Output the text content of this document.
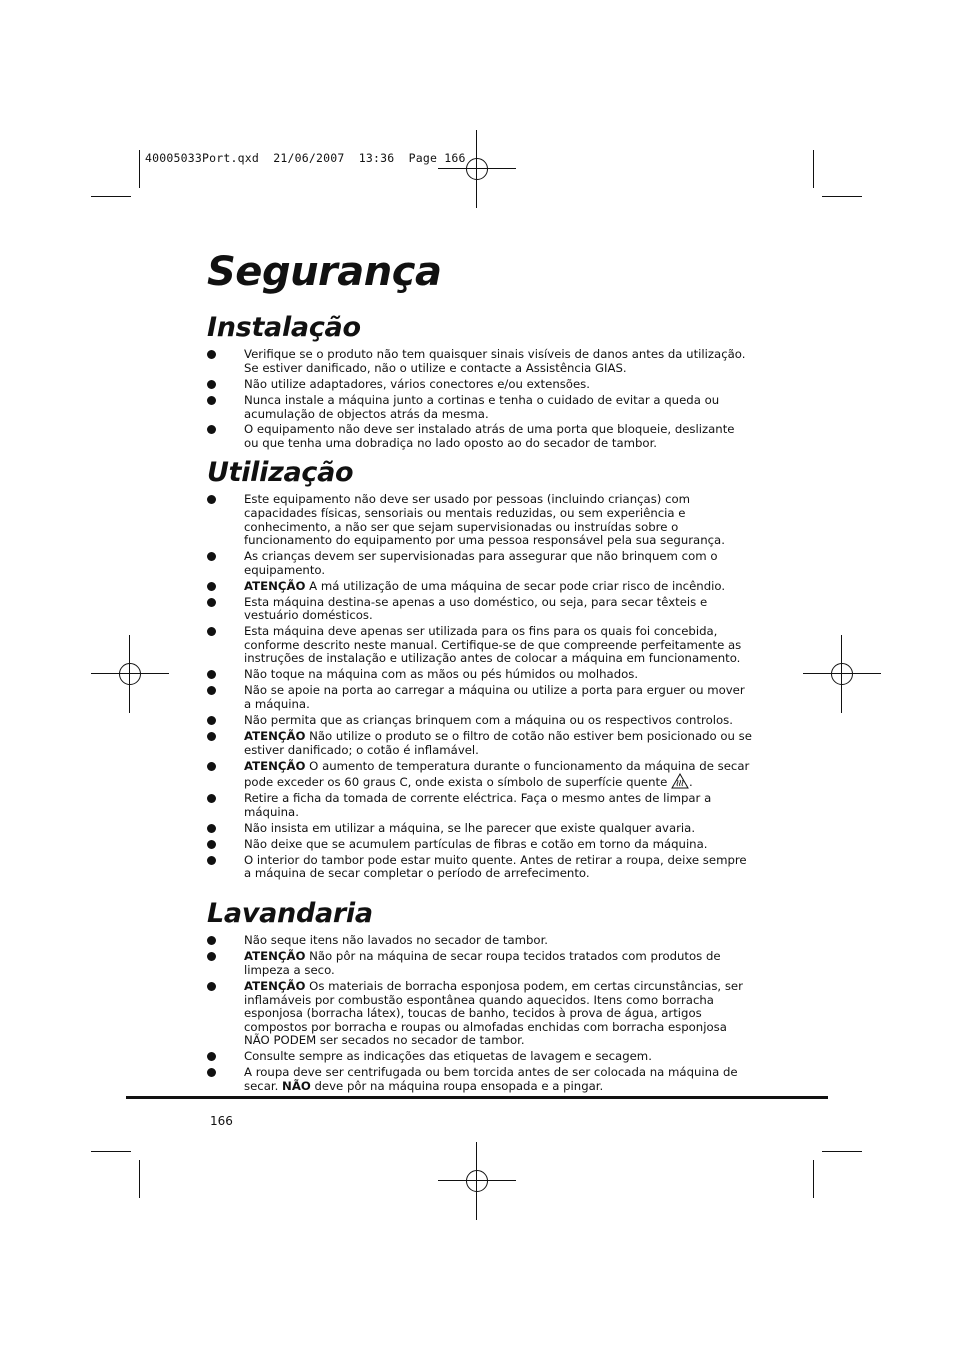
40005033Port.qxd  21/06/2007  13:36  Page 166
Segurança
Instalação
Verifique se o produto não tem quaisquer sinais visíveis de danos antes da utilização. Se estiver danificado, não o utilize e contacte a Assistência GIAS.
Não utilize adaptadores, vários conectores e/ou extensões.
Nunca instale a máquina junto a cortinas e tenha o cuidado de evitar a queda ou acumulação de objectos atrás da mesma.
O equipamento não deve ser instalado atrás de uma porta que bloqueie, deslizante ou que tenha uma dobradiça no lado oposto ao do secador de tambor.
Utilização
Este equipamento não deve ser usado por pessoas (incluindo crianças) com capacidades físicas, sensoriais ou mentais reduzidas, ou sem experiência e conhecimento, a não ser que sejam supervisionadas ou instruídas sobre o funcionamento do equipamento por uma pessoa responsável pela sua segurança.
As crianças devem ser supervisionadas para assegurar que não brinquem com o equipamento.
ATENÇÃO A má utilização de uma máquina de secar pode criar risco de incêndio.
Esta máquina destina-se apenas a uso doméstico, ou seja, para secar têxteis e vestuário domésticos.
Esta máquina deve apenas ser utilizada para os fins para os quais foi concebida, conforme descrito neste manual. Certifique-se de que compreende perfeitamente as instruções de instalação e utilização antes de colocar a máquina em funcionamento.
Não toque na máquina com as mãos ou pés húmidos ou molhados.
Não se apoie na porta ao carregar a máquina ou utilize a porta para erguer ou mover a máquina.
Não permita que as crianças brinquem com a máquina ou os respectivos controlos.
ATENÇÃO Não utilize o produto se o filtro de cotão não estiver bem posicionado ou se estiver danificado; o cotão é inflamável.
ATENÇÃO O aumento de temperatura durante o funcionamento da máquina de secar pode exceder os 60 graus C, onde exista o símbolo de superfície quente .
Retire a ficha da tomada de corrente eléctrica. Faça o mesmo antes de limpar a máquina.
Não insista em utilizar a máquina, se lhe parecer que existe qualquer avaria.
Não deixe que se acumulem partículas de fibras e cotão em torno da máquina.
O interior do tambor pode estar muito quente. Antes de retirar a roupa, deixe sempre a máquina de secar completar o período de arrefecimento.
Lavandaria
Não seque itens não lavados no secador de tambor.
ATENÇÃO Não pôr na máquina de secar roupa tecidos tratados com produtos de limpeza a seco.
ATENÇÃO Os materiais de borracha esponjosa podem, em certas circunstâncias, ser inflamáveis por combustão espontânea quando aquecidos. Itens como borracha esponjosa (borracha látex), toucas de banho, tecidos à prova de água, artigos compostos por borracha e roupas ou almofadas enchidas com borracha esponjosa NÃO PODEM ser secados no secador de tambor.
Consulte sempre as indicações das etiquetas de lavagem e secagem.
A roupa deve ser centrifugada ou bem torcida antes de ser colocada na máquina de secar. NÃO deve pôr na máquina roupa ensopada e a pingar.
166
